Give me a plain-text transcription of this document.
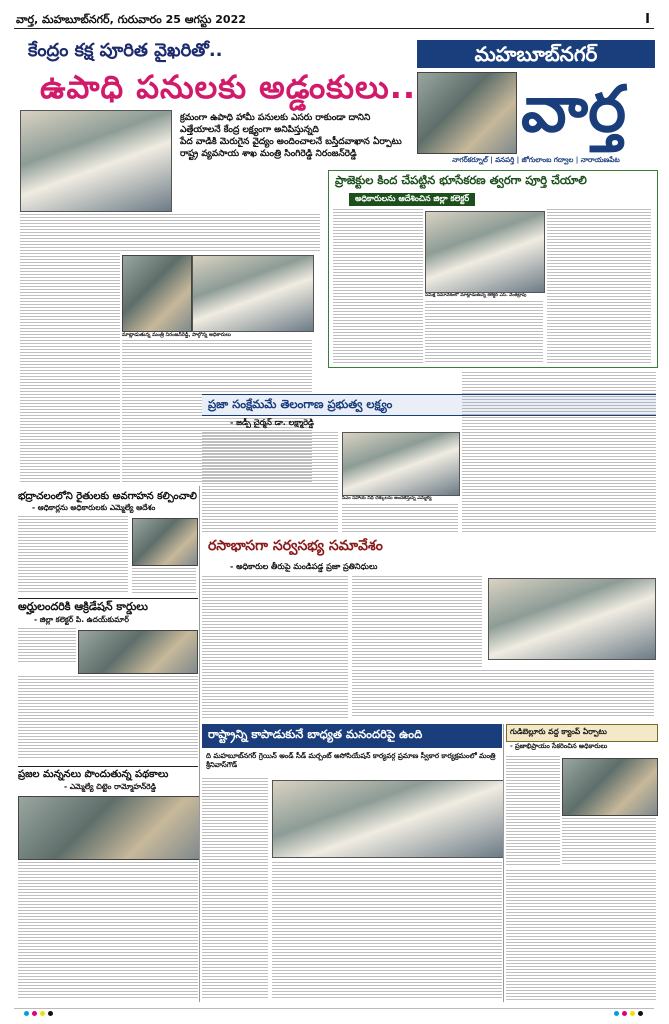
వార్త, మహబూబ్‌నగర్, గురువారం 25 ఆగస్టు 2022	I
కేంద్రం కక్ష పూరిత వైఖరితో..
ఉపాధి పనులకు అడ్డంకులు..
మహబూబ్‌నగర్
వార్త
నాగర్‌కర్నూల్ | వనపర్తి | జోగులాంబ గద్వాల | నారాయణపేట
క్రమంగా ఉపాధి హామీ పనులకు ఎసరు రాకుండా దానిని
ఎత్తేయాలనే కేంద్ర లక్ష్యంగా అనిపిస్తున్నది
పేద వాడికి మెరుగైన వైద్యం అందించాలనే బస్తీదవాఖాన ఏర్పాటు
రాష్ట్ర వ్యవసాయ శాఖ మంత్రి సింగిరెడ్డి నిరంజన్‌రెడ్డి
మాట్లాడుతున్న మంత్రి నిరంజన్‌రెడ్డి, పాల్గొన్న అధికారులు
ప్రాజెక్టుల కింద చేపట్టిన భూసేకరణ త్వరగా పూర్తి చేయాలి
అధికారులను ఆదేశించిన జిల్లా కలెక్టర్
సమీక్ష సమావేశంలో మాట్లాడుతున్న కలెక్టర్ ఎస్. వెంకట్రావు
భద్రాచలంలోని రైతులకు అవగాహన కల్పించాలి
- ఆధికార్లను అధికారులకు ఎమ్మెల్యే ఆదేశం
ప్రజా సంక్షేమమే తెలంగాణ ప్రభుత్వ లక్ష్యం
- జడ్పీ చైర్మన్ డా. లక్ష్మారెడ్డి
సీఎం సహాయ నిధి చెక్కులను అందజేస్తున్న ఎమ్మెల్యే
అర్హులందరికి ఆక్రిడేషన్ కార్డులు
- జిల్లా కలెక్టర్ పి. ఉదయ్‌కుమార్
రసాభాసగా సర్వసభ్య సమావేశం
- అధికారుల తీరుపై మండిపడ్డ ప్రజా ప్రతినిధులు
ప్రజల మన్ననలు పొందుతున్న పథకాలు
- ఎమ్మెల్యే చిట్టెం రామ్మోహన్‌రెడ్డి
రాష్ట్రాన్ని కాపాడుకునే బాధ్యత మనందరిపై ఉంది
ది మహబూబ్‌నగర్ గ్రెయిన్ అండ్ సీడ్ మర్చంట్ అసోసియేషన్ కార్యవర్గ ప్రమాణ స్వీకార కార్యక్రమంలో మంత్రి శ్రీనివాస్‌గౌడ్
గుడిబెల్లూరు వద్ద క్యాంప్ ఏర్పాటు
- ప్రజాభిప్రాయం సేకరించిన అధికారులు
